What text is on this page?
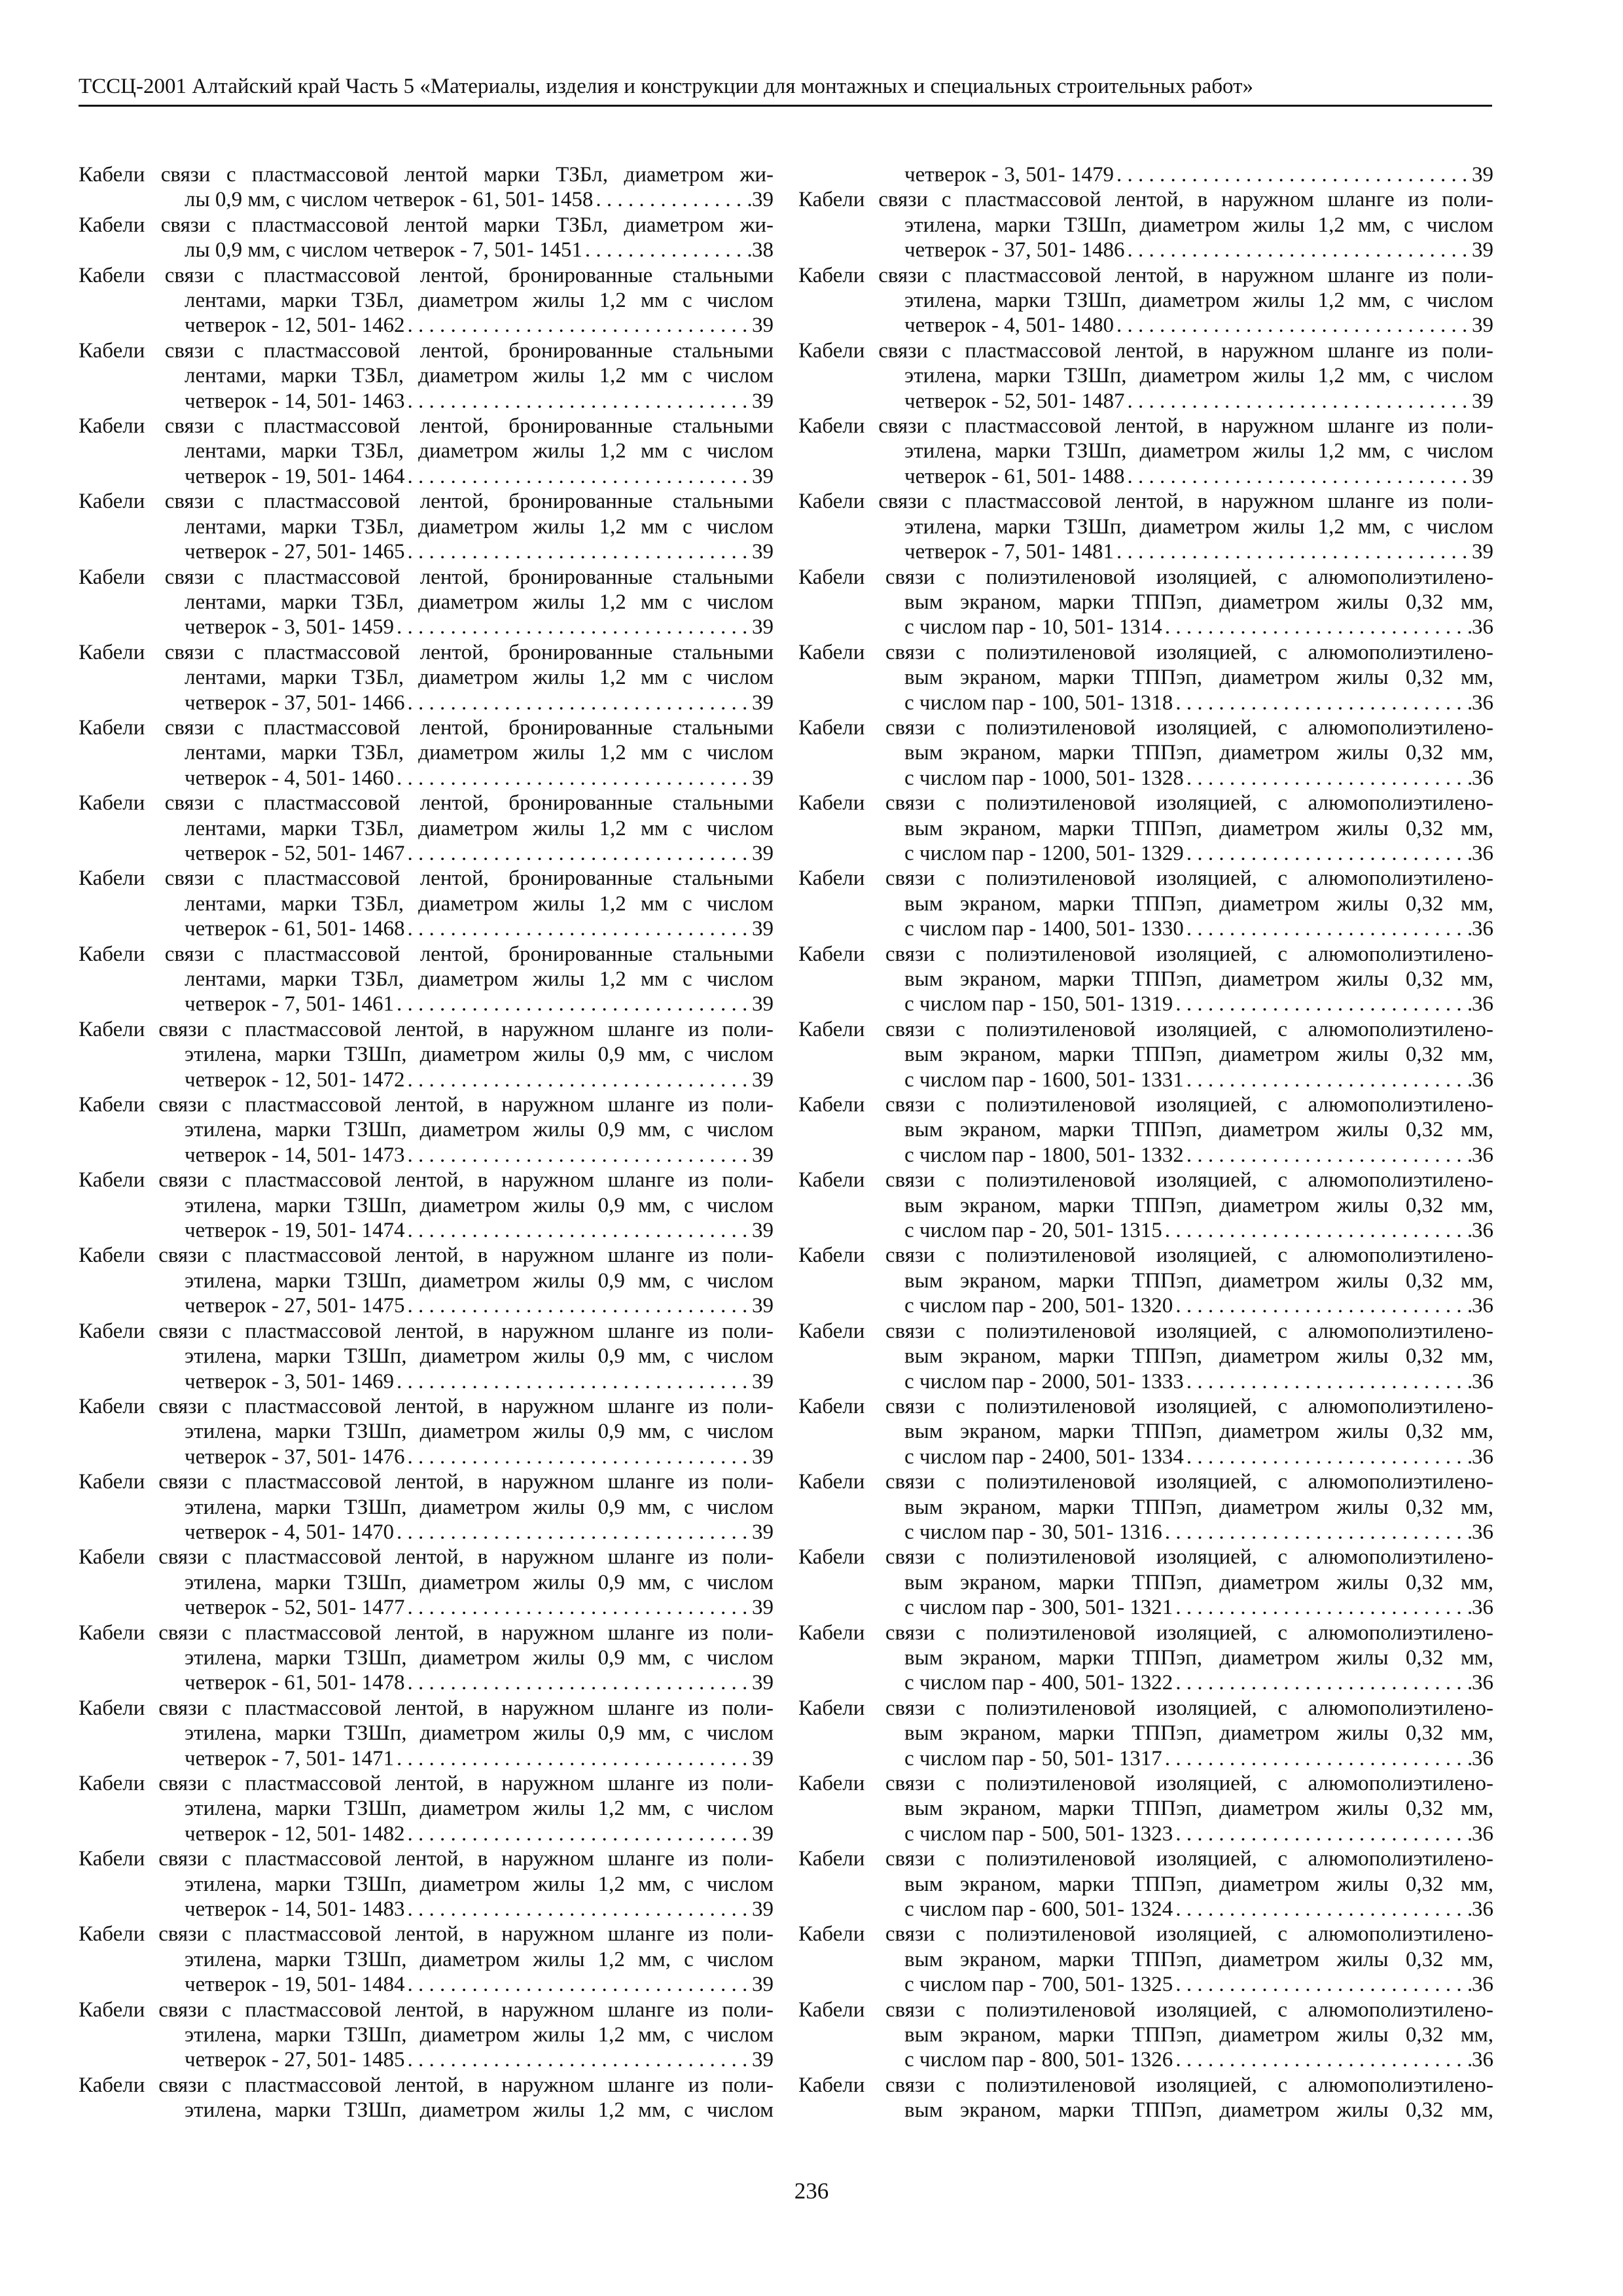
ТССЦ-2001 Алтайский край Часть 5 «Материалы, изделия и конструкции для монтажных и специальных строительных работ»
Кабели связи с пластмассовой лентой марки ТЗБл, диаметром жи-
лы 0,9 мм, с числом четверок - 61, 501- 1458 . . .	39
Кабели связи с пластмассовой лентой марки ТЗБл, диаметром жи-
лы 0,9 мм, с числом четверок - 7, 501- 1451 . . .	38
Кабели связи с пластмассовой лентой, бронированные стальными
лентами, марки ТЗБл, диаметром жилы 1,2 мм с числом
четверок - 12, 501- 1462 . . .	39
Кабели связи с пластмассовой лентой, бронированные стальными
лентами, марки ТЗБл, диаметром жилы 1,2 мм с числом
четверок - 14, 501- 1463 . . .	39
Кабели связи с пластмассовой лентой, бронированные стальными
лентами, марки ТЗБл, диаметром жилы 1,2 мм с числом
четверок - 19, 501- 1464 . . .	39
Кабели связи с пластмассовой лентой, бронированные стальными
лентами, марки ТЗБл, диаметром жилы 1,2 мм с числом
четверок - 27, 501- 1465 . . .	39
Кабели связи с пластмассовой лентой, бронированные стальными
лентами, марки ТЗБл, диаметром жилы 1,2 мм с числом
четверок - 3, 501- 1459 . . .	39
Кабели связи с пластмассовой лентой, бронированные стальными
лентами, марки ТЗБл, диаметром жилы 1,2 мм с числом
четверок - 37, 501- 1466 . . .	39
Кабели связи с пластмассовой лентой, бронированные стальными
лентами, марки ТЗБл, диаметром жилы 1,2 мм с числом
четверок - 4, 501- 1460 . . .	39
Кабели связи с пластмассовой лентой, бронированные стальными
лентами, марки ТЗБл, диаметром жилы 1,2 мм с числом
четверок - 52, 501- 1467 . . .	39
Кабели связи с пластмассовой лентой, бронированные стальными
лентами, марки ТЗБл, диаметром жилы 1,2 мм с числом
четверок - 61, 501- 1468 . . .	39
Кабели связи с пластмассовой лентой, бронированные стальными
лентами, марки ТЗБл, диаметром жилы 1,2 мм с числом
четверок - 7, 501- 1461 . . .	39
Кабели связи с пластмассовой лентой, в наружном шланге из поли-
этилена, марки ТЗШп, диаметром жилы 0,9 мм, с числом
четверок - 12, 501- 1472 . . .	39
Кабели связи с пластмассовой лентой, в наружном шланге из поли-
этилена, марки ТЗШп, диаметром жилы 0,9 мм, с числом
четверок - 14, 501- 1473 . . .	39
Кабели связи с пластмассовой лентой, в наружном шланге из поли-
этилена, марки ТЗШп, диаметром жилы 0,9 мм, с числом
четверок - 19, 501- 1474 . . .	39
Кабели связи с пластмассовой лентой, в наружном шланге из поли-
этилена, марки ТЗШп, диаметром жилы 0,9 мм, с числом
четверок - 27, 501- 1475 . . .	39
Кабели связи с пластмассовой лентой, в наружном шланге из поли-
этилена, марки ТЗШп, диаметром жилы 0,9 мм, с числом
четверок - 3, 501- 1469 . . .	39
Кабели связи с пластмассовой лентой, в наружном шланге из поли-
этилена, марки ТЗШп, диаметром жилы 0,9 мм, с числом
четверок - 37, 501- 1476 . . .	39
Кабели связи с пластмассовой лентой, в наружном шланге из поли-
этилена, марки ТЗШп, диаметром жилы 0,9 мм, с числом
четверок - 4, 501- 1470 . . .	39
Кабели связи с пластмассовой лентой, в наружном шланге из поли-
этилена, марки ТЗШп, диаметром жилы 0,9 мм, с числом
четверок - 52, 501- 1477 . . .	39
Кабели связи с пластмассовой лентой, в наружном шланге из поли-
этилена, марки ТЗШп, диаметром жилы 0,9 мм, с числом
четверок - 61, 501- 1478 . . .	39
Кабели связи с пластмассовой лентой, в наружном шланге из поли-
этилена, марки ТЗШп, диаметром жилы 0,9 мм, с числом
четверок - 7, 501- 1471 . . .	39
Кабели связи с пластмассовой лентой, в наружном шланге из поли-
этилена, марки ТЗШп, диаметром жилы 1,2 мм, с числом
четверок - 12, 501- 1482 . . .	39
Кабели связи с пластмассовой лентой, в наружном шланге из поли-
этилена, марки ТЗШп, диаметром жилы 1,2 мм, с числом
четверок - 14, 501- 1483 . . .	39
Кабели связи с пластмассовой лентой, в наружном шланге из поли-
этилена, марки ТЗШп, диаметром жилы 1,2 мм, с числом
четверок - 19, 501- 1484 . . .	39
Кабели связи с пластмассовой лентой, в наружном шланге из поли-
этилена, марки ТЗШп, диаметром жилы 1,2 мм, с числом
четверок - 27, 501- 1485 . . .	39
Кабели связи с пластмассовой лентой, в наружном шланге из поли-
этилена, марки ТЗШп, диаметром жилы 1,2 мм, с числом
четверок - 3, 501- 1479 . . .	39
Кабели связи с пластмассовой лентой, в наружном шланге из поли-
этилена, марки ТЗШп, диаметром жилы 1,2 мм, с числом
четверок - 37, 501- 1486 . . .	39
Кабели связи с пластмассовой лентой, в наружном шланге из поли-
этилена, марки ТЗШп, диаметром жилы 1,2 мм, с числом
четверок - 4, 501- 1480 . . .	39
Кабели связи с пластмассовой лентой, в наружном шланге из поли-
этилена, марки ТЗШп, диаметром жилы 1,2 мм, с числом
четверок - 52, 501- 1487 . . .	39
Кабели связи с пластмассовой лентой, в наружном шланге из поли-
этилена, марки ТЗШп, диаметром жилы 1,2 мм, с числом
четверок - 61, 501- 1488 . . .	39
Кабели связи с пластмассовой лентой, в наружном шланге из поли-
этилена, марки ТЗШп, диаметром жилы 1,2 мм, с числом
четверок - 7, 501- 1481 . . .	39
Кабели связи с полиэтиленовой изоляцией, с алюмополиэтилено-
вым экраном, марки ТППэп, диаметром жилы 0,32 мм,
с числом пар - 10, 501- 1314 . . .	36
Кабели связи с полиэтиленовой изоляцией, с алюмополиэтилено-
вым экраном, марки ТППэп, диаметром жилы 0,32 мм,
с числом пар - 100, 501- 1318 . . .	36
Кабели связи с полиэтиленовой изоляцией, с алюмополиэтилено-
вым экраном, марки ТППэп, диаметром жилы 0,32 мм,
с числом пар - 1000, 501- 1328 . . .	36
Кабели связи с полиэтиленовой изоляцией, с алюмополиэтилено-
вым экраном, марки ТППэп, диаметром жилы 0,32 мм,
с числом пар - 1200, 501- 1329 . . .	36
Кабели связи с полиэтиленовой изоляцией, с алюмополиэтилено-
вым экраном, марки ТППэп, диаметром жилы 0,32 мм,
с числом пар - 1400, 501- 1330 . . .	36
Кабели связи с полиэтиленовой изоляцией, с алюмополиэтилено-
вым экраном, марки ТППэп, диаметром жилы 0,32 мм,
с числом пар - 150, 501- 1319 . . .	36
Кабели связи с полиэтиленовой изоляцией, с алюмополиэтилено-
вым экраном, марки ТППэп, диаметром жилы 0,32 мм,
с числом пар - 1600, 501- 1331 . . .	36
Кабели связи с полиэтиленовой изоляцией, с алюмополиэтилено-
вым экраном, марки ТППэп, диаметром жилы 0,32 мм,
с числом пар - 1800, 501- 1332 . . .	36
Кабели связи с полиэтиленовой изоляцией, с алюмополиэтилено-
вым экраном, марки ТППэп, диаметром жилы 0,32 мм,
с числом пар - 20, 501- 1315 . . .	36
Кабели связи с полиэтиленовой изоляцией, с алюмополиэтилено-
вым экраном, марки ТППэп, диаметром жилы 0,32 мм,
с числом пар - 200, 501- 1320 . . .	36
Кабели связи с полиэтиленовой изоляцией, с алюмополиэтилено-
вым экраном, марки ТППэп, диаметром жилы 0,32 мм,
с числом пар - 2000, 501- 1333 . . .	36
Кабели связи с полиэтиленовой изоляцией, с алюмополиэтилено-
вым экраном, марки ТППэп, диаметром жилы 0,32 мм,
с числом пар - 2400, 501- 1334 . . .	36
Кабели связи с полиэтиленовой изоляцией, с алюмополиэтилено-
вым экраном, марки ТППэп, диаметром жилы 0,32 мм,
с числом пар - 30, 501- 1316 . . .	36
Кабели связи с полиэтиленовой изоляцией, с алюмополиэтилено-
вым экраном, марки ТППэп, диаметром жилы 0,32 мм,
с числом пар - 300, 501- 1321 . . .	36
Кабели связи с полиэтиленовой изоляцией, с алюмополиэтилено-
вым экраном, марки ТППэп, диаметром жилы 0,32 мм,
с числом пар - 400, 501- 1322 . . .	36
Кабели связи с полиэтиленовой изоляцией, с алюмополиэтилено-
вым экраном, марки ТППэп, диаметром жилы 0,32 мм,
с числом пар - 50, 501- 1317 . . .	36
Кабели связи с полиэтиленовой изоляцией, с алюмополиэтилено-
вым экраном, марки ТППэп, диаметром жилы 0,32 мм,
с числом пар - 500, 501- 1323 . . .	36
Кабели связи с полиэтиленовой изоляцией, с алюмополиэтилено-
вым экраном, марки ТППэп, диаметром жилы 0,32 мм,
с числом пар - 600, 501- 1324 . . .	36
Кабели связи с полиэтиленовой изоляцией, с алюмополиэтилено-
вым экраном, марки ТППэп, диаметром жилы 0,32 мм,
с числом пар - 700, 501- 1325 . . .	36
Кабели связи с полиэтиленовой изоляцией, с алюмополиэтилено-
вым экраном, марки ТППэп, диаметром жилы 0,32 мм,
с числом пар - 800, 501- 1326 . . .	36
Кабели связи с полиэтиленовой изоляцией, с алюмополиэтилено-
вым экраном, марки ТППэп, диаметром жилы 0,32 мм,
236
